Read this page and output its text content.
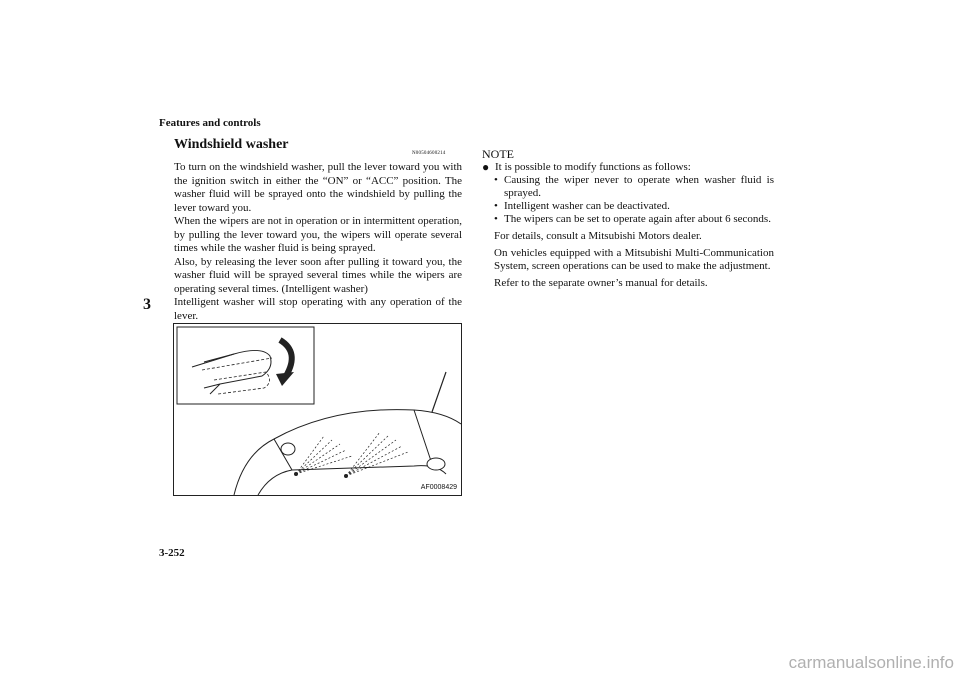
Features and controls
3
Windshield washer
N00504600214

To turn on the windshield washer, pull the lever toward you with the ignition switch in either the “ON” or “ACC” position. The washer fluid will be sprayed onto the windshield by pulling the lever toward you.

When the wipers are not in operation or in intermittent operation, by pulling the lever toward you, the wipers will operate several times while the washer fluid is being sprayed.

Also, by releasing the lever soon after pulling it toward you, the washer fluid will be sprayed several times while the wipers are operating several times. (Intelligent washer)

Intelligent washer will stop operating with any operation of the lever.

AF0008429
NOTE
● It is possible to modify functions as follows:
• Causing the wiper never to operate when washer fluid is sprayed.
• Intelligent washer can be deactivated.
• The wipers can be set to operate again after about 6 seconds.
For details, consult a Mitsubishi Motors dealer.
On vehicles equipped with a Mitsubishi Multi-Communication System, screen operations can be used to make the adjustment.
Refer to the separate owner’s manual for details.
3-252
carmanualsonline.info
